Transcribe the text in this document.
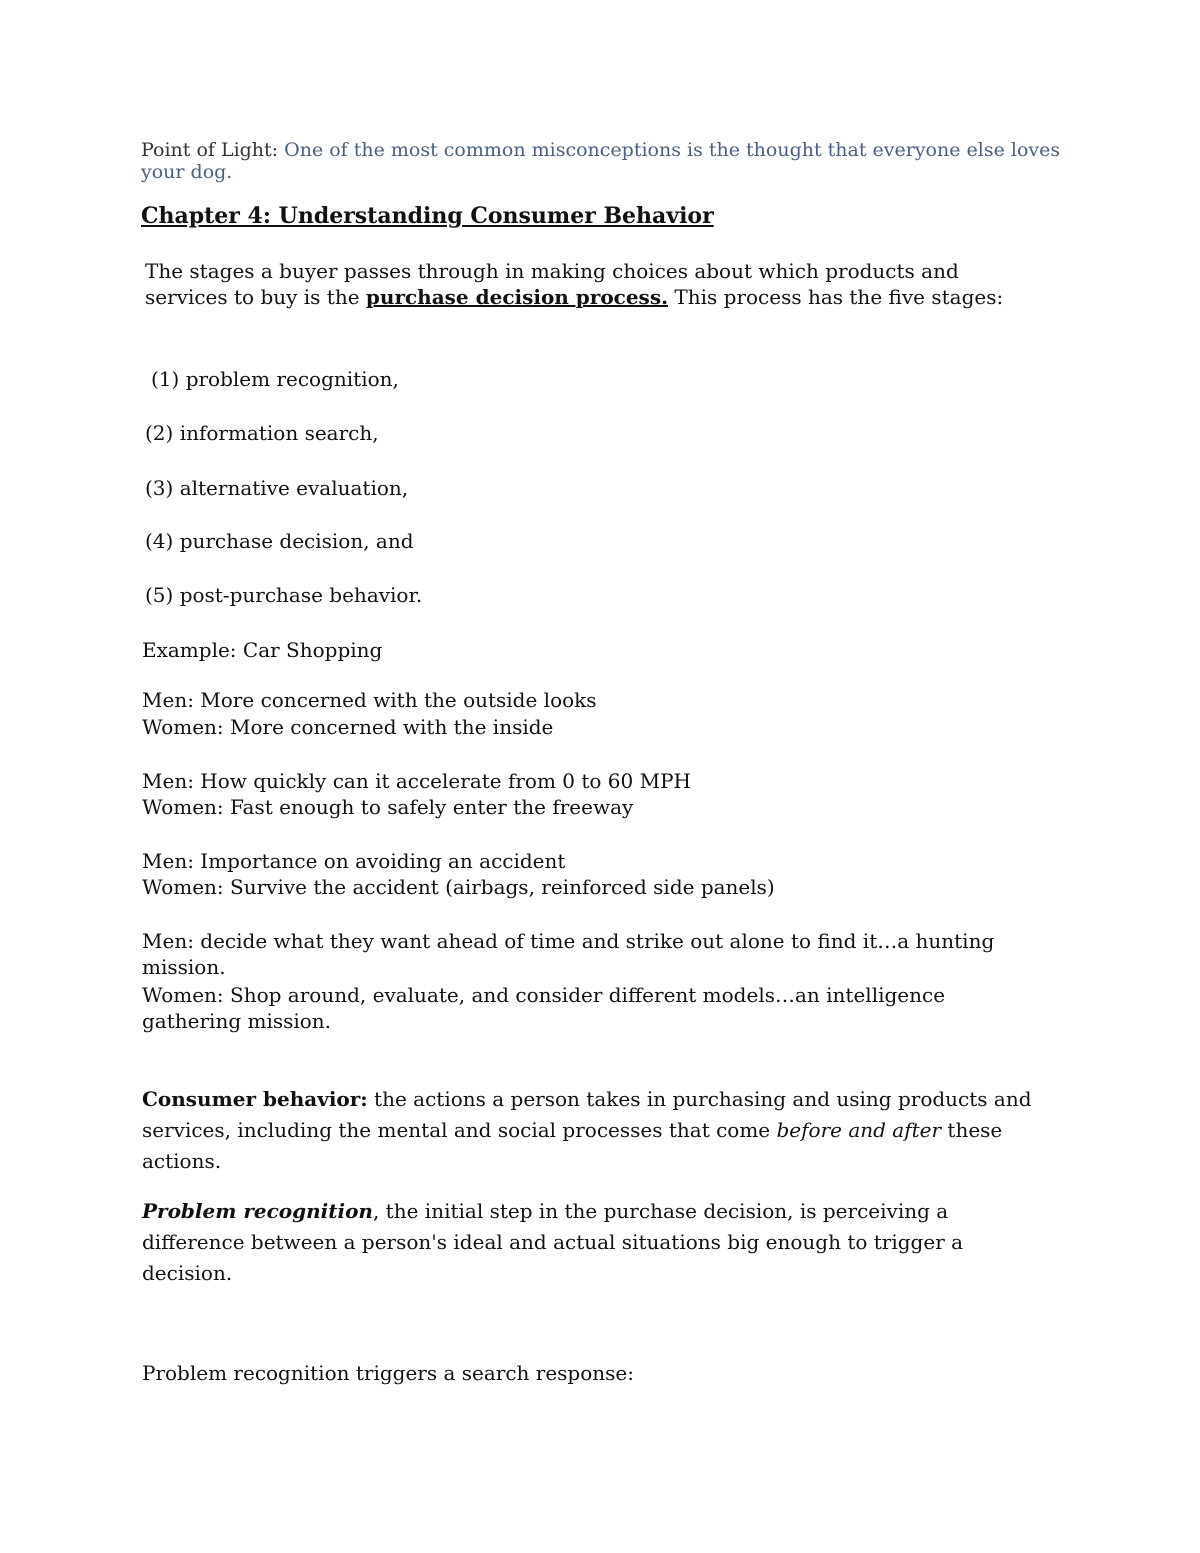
Point of Light: One of the most common misconceptions is the thought that everyone else loves your dog.
Chapter 4: Understanding Consumer Behavior
The stages a buyer passes through in making choices about which products and services to buy is the purchase decision process. This process has the five stages:
(1) problem recognition,
(2) information search,
(3) alternative evaluation,
(4) purchase decision, and
(5) post-purchase behavior.
Example: Car Shopping
Men: More concerned with the outside looks
Women: More concerned with the inside
Men: How quickly can it accelerate from 0 to 60 MPH
Women: Fast enough to safely enter the freeway
Men: Importance on avoiding an accident
Women: Survive the accident (airbags, reinforced side panels)
Men: decide what they want ahead of time and strike out alone to find it…a hunting mission.
Women: Shop around, evaluate, and consider different models…an intelligence gathering mission.
Consumer behavior: the actions a person takes in purchasing and using products and services, including the mental and social processes that come before and after these actions.
Problem recognition, the initial step in the purchase decision, is perceiving a difference between a person's ideal and actual situations big enough to trigger a decision.
Problem recognition triggers a search response:
